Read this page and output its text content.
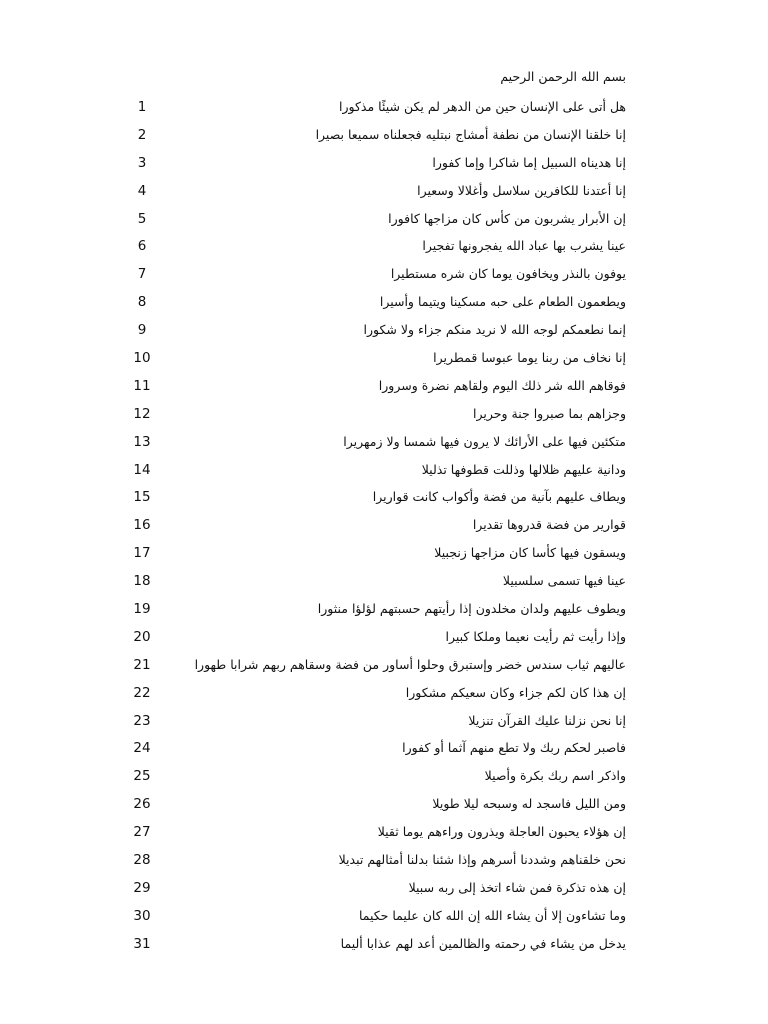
بسم الله الرحمن الرحيم
1	هل أتى على الإنسان حين من الدهر لم يكن شيئًا مذكورا
2	إنا خلقنا الإنسان من نطفة أمشاج نبتليه فجعلناه سميعا بصيرا
3	إنا هديناه السبيل إما شاكرا وإما كفورا
4	إنا أعتدنا للكافرين سلاسل وأغلالا وسعيرا
5	إن الأبرار يشربون من كأس كان مزاجها كافورا
6	عينا يشرب بها عباد الله يفجرونها تفجيرا
7	يوفون بالنذر ويخافون يوما كان شره مستطيرا
8	ويطعمون الطعام على حبه مسكينا ويتيما وأسيرا
9	إنما نطعمكم لوجه الله لا نريد منكم جزاء ولا شكورا
10	إنا نخاف من ربنا يوما عبوسا قمطريرا
11	فوقاهم الله شر ذلك اليوم ولقاهم نضرة وسرورا
12	وجزاهم بما صبروا جنة وحريرا
13	متكئين فيها على الأرائك لا يرون فيها شمسا ولا زمهريرا
14	ودانية عليهم ظلالها وذللت قطوفها تذليلا
15	ويطاف عليهم بآنية من فضة وأكواب كانت قواريرا
16	قوارير من فضة قدروها تقديرا
17	ويسقون فيها كأسا كان مزاجها زنجبيلا
18	عينا فيها تسمى سلسبيلا
19	ويطوف عليهم ولدان مخلدون إذا رأيتهم حسبتهم لؤلؤا منثورا
20	وإذا رأيت ثم رأيت نعيما وملكا كبيرا
21	عاليهم ثياب سندس خضر وإستبرق وحلوا أساور من فضة وسقاهم ربهم شرابا طهورا
22	إن هذا كان لكم جزاء وكان سعيكم مشكورا
23	إنا نحن نزلنا عليك القرآن تنزيلا
24	فاصبر لحكم ربك ولا تطع منهم آثما أو كفورا
25	واذكر اسم ربك بكرة وأصيلا
26	ومن الليل فاسجد له وسبحه ليلا طويلا
27	إن هؤلاء يحبون العاجلة ويذرون وراءهم يوما ثقيلا
28	نحن خلقناهم وشددنا أسرهم وإذا شئنا بدلنا أمثالهم تبديلا
29	إن هذه تذكرة فمن شاء اتخذ إلى ربه سبيلا
30	وما تشاءون إلا أن يشاء الله إن الله كان عليما حكيما
31	يدخل من يشاء في رحمته والظالمين أعد لهم عذابا أليما
